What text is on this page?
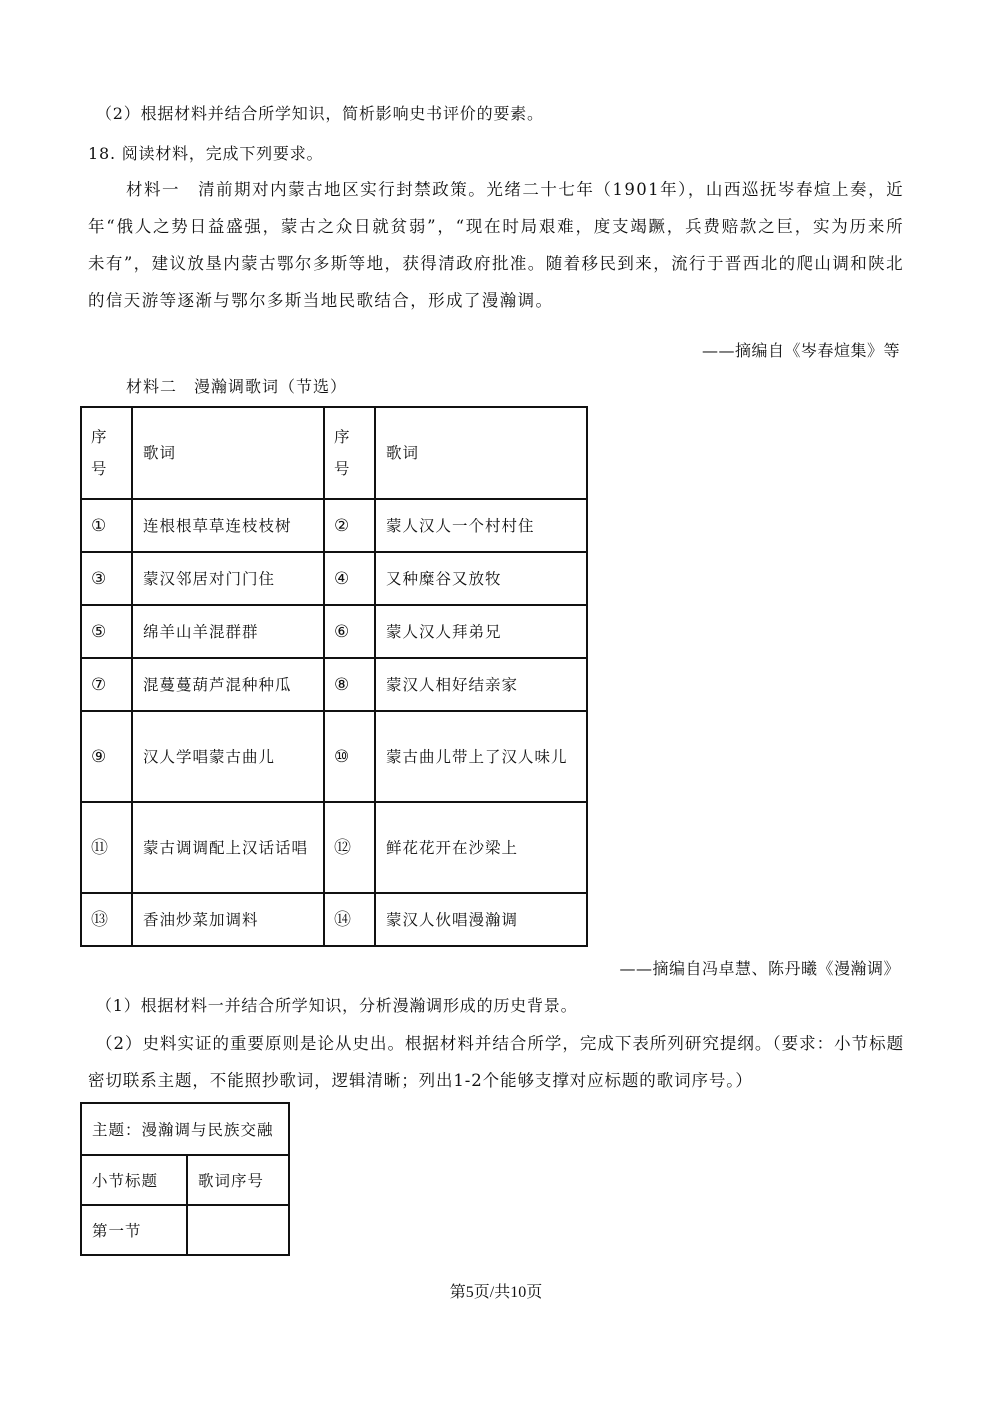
（2）根据材料并结合所学知识，简析影响史书评价的要素。
18. 阅读材料，完成下列要求。
材料一　清前期对内蒙古地区实行封禁政策。光绪二十七年（1901年），山西巡抚岑春煊上奏，近年“俄人之势日益盛强，蒙古之众日就贫弱”，“现在时局艰难，度支竭蹶，兵费赔款之巨，实为历来所未有”，建议放垦内蒙古鄂尔多斯等地，获得清政府批准。随着移民到来，流行于晋西北的爬山调和陕北的信天游等逐渐与鄂尔多斯当地民歌结合，形成了漫瀚调。
——摘编自《岑春煊集》等
材料二　漫瀚调歌词（节选）
序号	歌词	序号	歌词
①	连根根草草连枝枝树	②	蒙人汉人一个村村住
③	蒙汉邻居对门门住	④	又种糜谷又放牧
⑤	绵羊山羊混群群	⑥	蒙人汉人拜弟兄
⑦	混蔓蔓葫芦混种种瓜	⑧	蒙汉人相好结亲家
⑨	汉人学唱蒙古曲儿	⑩	蒙古曲儿带上了汉人味儿
⑪	蒙古调调配上汉话话唱	⑫	鲜花花开在沙梁上
⑬	香油炒菜加调料	⑭	蒙汉人伙唱漫瀚调
——摘编自冯卓慧、陈丹曦《漫瀚调》
（1）根据材料一并结合所学知识，分析漫瀚调形成的历史背景。
（2）史料实证的重要原则是论从史出。根据材料并结合所学，完成下表所列研究提纲。（要求：小节标题密切联系主题，不能照抄歌词，逻辑清晰；列出1-2个能够支撑对应标题的歌词序号。）
主题：漫瀚调与民族交融	
小节标题	歌词序号
第一节	
第5页/共10页
